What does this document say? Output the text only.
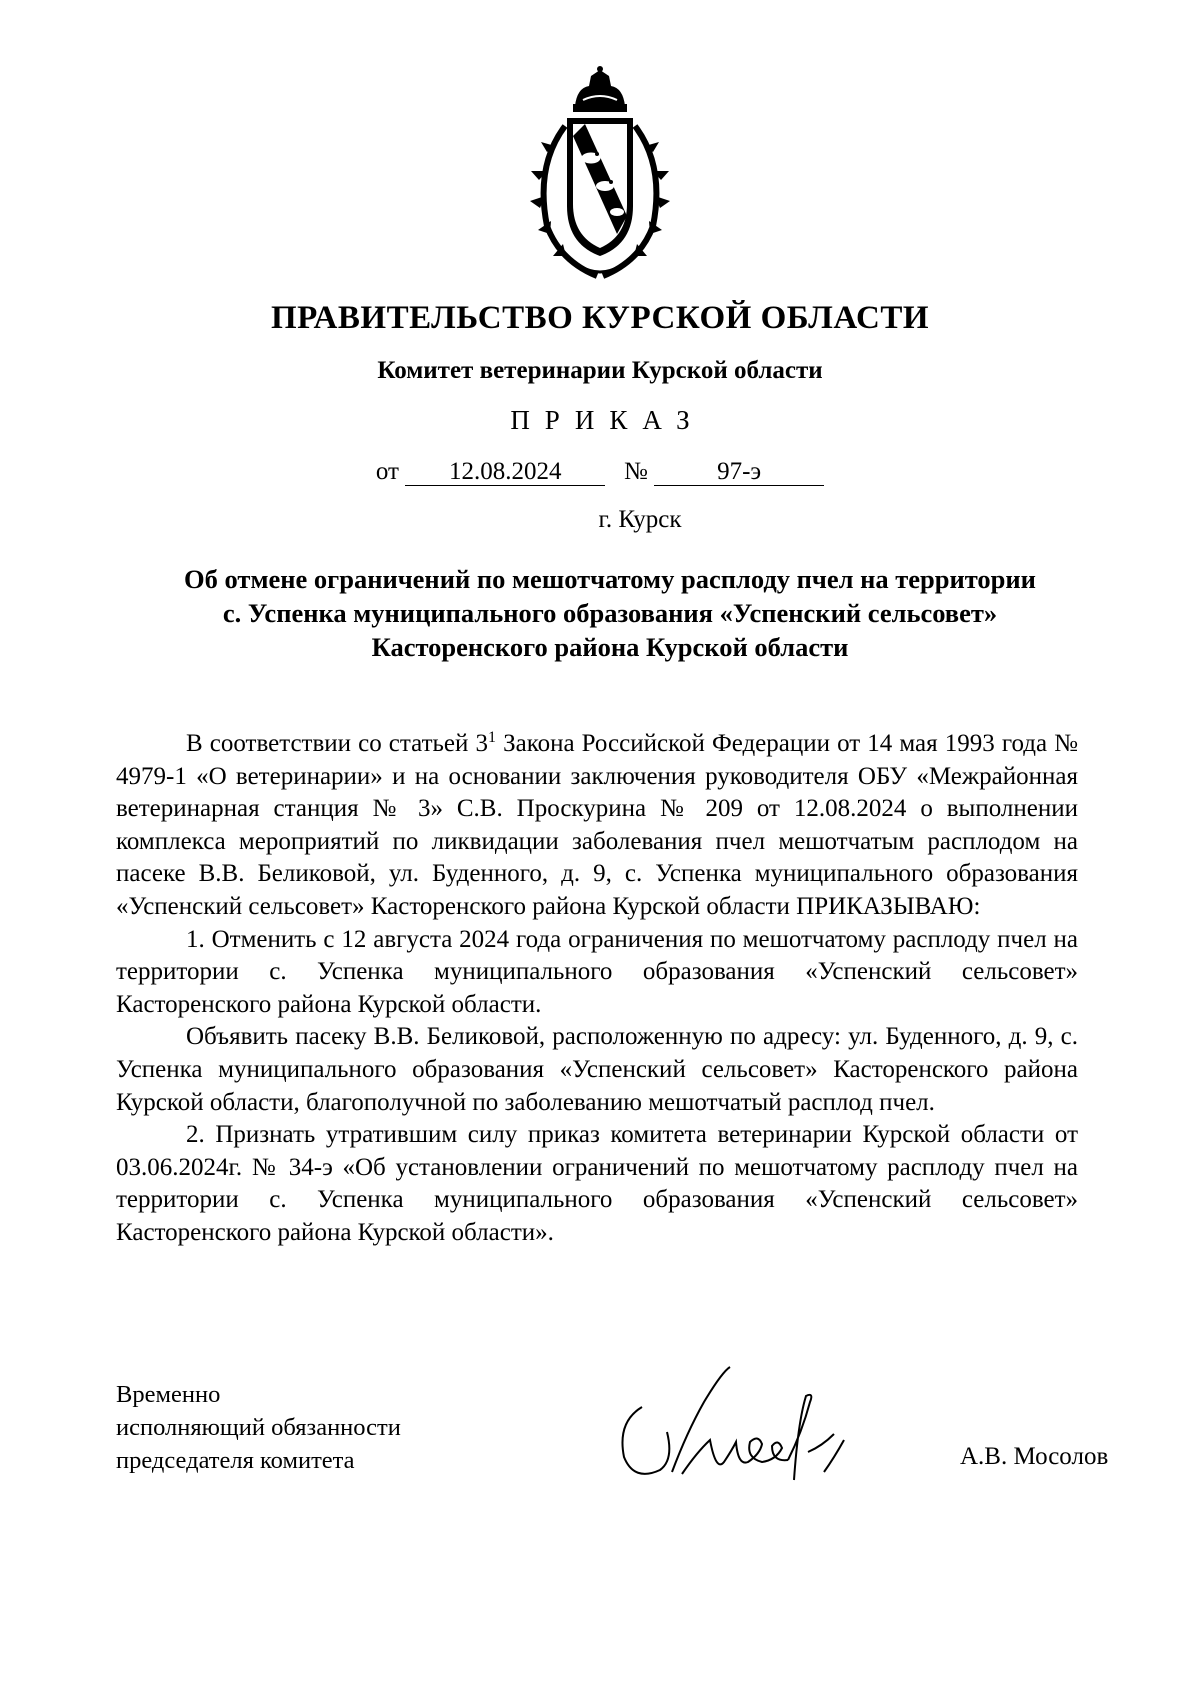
ПРАВИТЕЛЬСТВО КУРСКОЙ ОБЛАСТИ
Комитет ветеринарии Курской области
ПРИКАЗ
от 12.08.2024	№	97-э
г. Курск
Об отмене ограничений по мешотчатому расплоду пчел на территории
с. Успенка муниципального образования «Успенский сельсовет»
Касторенского района Курской области

В соответствии со статьей $3^1$ Закона Российской Федерации от 14 мая 1993 года № 4979-1 «О ветеринарии» и на основании заключения руководителя ОБУ «Межрайонная ветеринарная станция № 3» С.В. Проскурина № 209 от 12.08.2024 о выполнении комплекса мероприятий по ликвидации заболевания пчел мешотчатым расплодом на пасеке В.В. Беликовой, ул. Буденного, д. 9, с. Успенка муниципального образования «Успенский сельсовет» Касторенского района Курской области ПРИКАЗЫВАЮ:

1. Отменить с 12 августа 2024 года ограничения по мешотчатому расплоду пчел на территории с. Успенка муниципального образования «Успенский сельсовет» Касторенского района Курской области.

Объявить пасеку В.В. Беликовой, расположенную по адресу: ул. Буденного, д. 9, с. Успенка муниципального образования «Успенский сельсовет» Касторенского района Курской области, благополучной по заболеванию мешотчатый расплод пчел.

2. Признать утратившим силу приказ комитета ветеринарии Курской области от 03.06.2024г. № 34-э «Об установлении ограничений по мешотчатому расплоду пчел на территории с. Успенка муниципального образования «Успенский сельсовет» Касторенского района Курской области».

Временно
исполняющий обязанности
председателя комитета	А.В. Мосолов
